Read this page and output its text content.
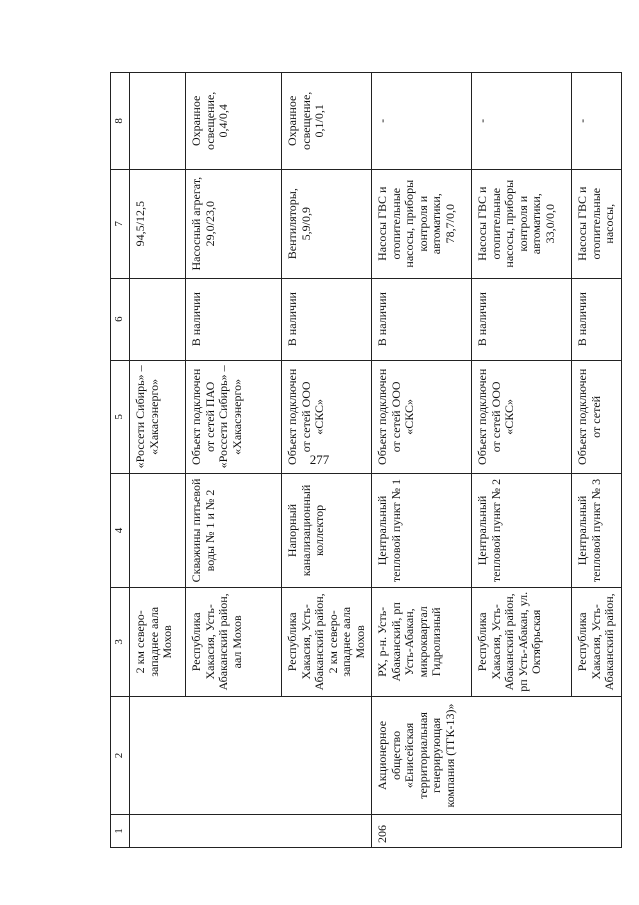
277
1	2	3	4	5	6	7	8
		2 км северо-западнее аала Мохов		«Россети Сибирь» – «Хакасэнерго»		94,5/12,5	
		Республика Хакасия, Усть-Абаканский район, аал Мохов	Скважины питьевой воды № 1 и № 2	Объект подключен от сетей ПАО «Россети Сибирь» – «Хакасэнерго»	В наличии	Насосный агрегат, 29,0/23,0	Охранное освещение, 0,4/0,4
		Республика Хакасия, Усть-Абаканский район, 2 км северо-западнее аала Мохов	Напорный канализационный коллектор	Объект подключен от сетей ООО «СКС»	В наличии	Вентиляторы, 5,9/0,9	Охранное освещение, 0,1/0,1
206	Акционерное общество «Енисейская территориальная генерирующая компания (ТГК-13)»	РХ, р-н. Усть-Абаканский, рп Усть-Абакан, микроквартал Гидролизный	Центральный тепловой пункт № 1	Объект подключен от сетей ООО «СКС»	В наличии	Насосы ГВС и отопительные насосы, приборы контроля и автоматики, 78,7/0,0	-
		Республика Хакасия, Усть-Абаканский район, рп Усть-Абакан, ул. Октябрьская	Центральный тепловой пункт № 2	Объект подключен от сетей ООО «СКС»	В наличии	Насосы ГВС и отопительные насосы, приборы контроля и автоматики, 33,0/0,0	-
		Республика Хакасия, Усть-Абаканский район,	Центральный тепловой пункт № 3	Объект подключен от сетей	В наличии	Насосы ГВС и отопительные насосы,	-
